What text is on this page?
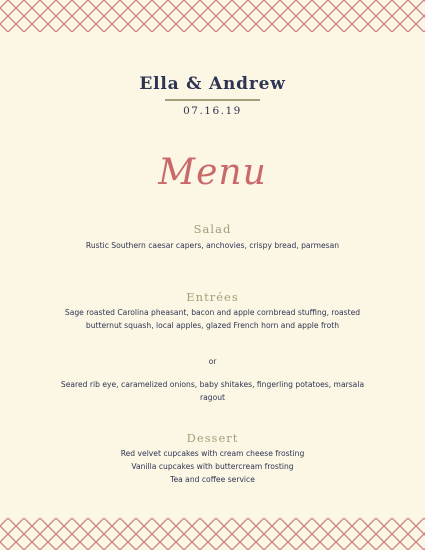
Ella & Andrew
07.16.19
Menu
Salad
Rustic Southern caesar capers, anchovies, crispy bread, parmesan
Entrées
Sage roasted Carolina pheasant, bacon and apple cornbread stuffing, roasted butternut squash, local apples, glazed French horn and apple froth
or
Seared rib eye, caramelized onions, baby shitakes, fingerling potatoes, marsala ragout
Dessert
Red velvet cupcakes with cream cheese frosting
Vanilla cupcakes with buttercream frosting
Tea and coffee service
